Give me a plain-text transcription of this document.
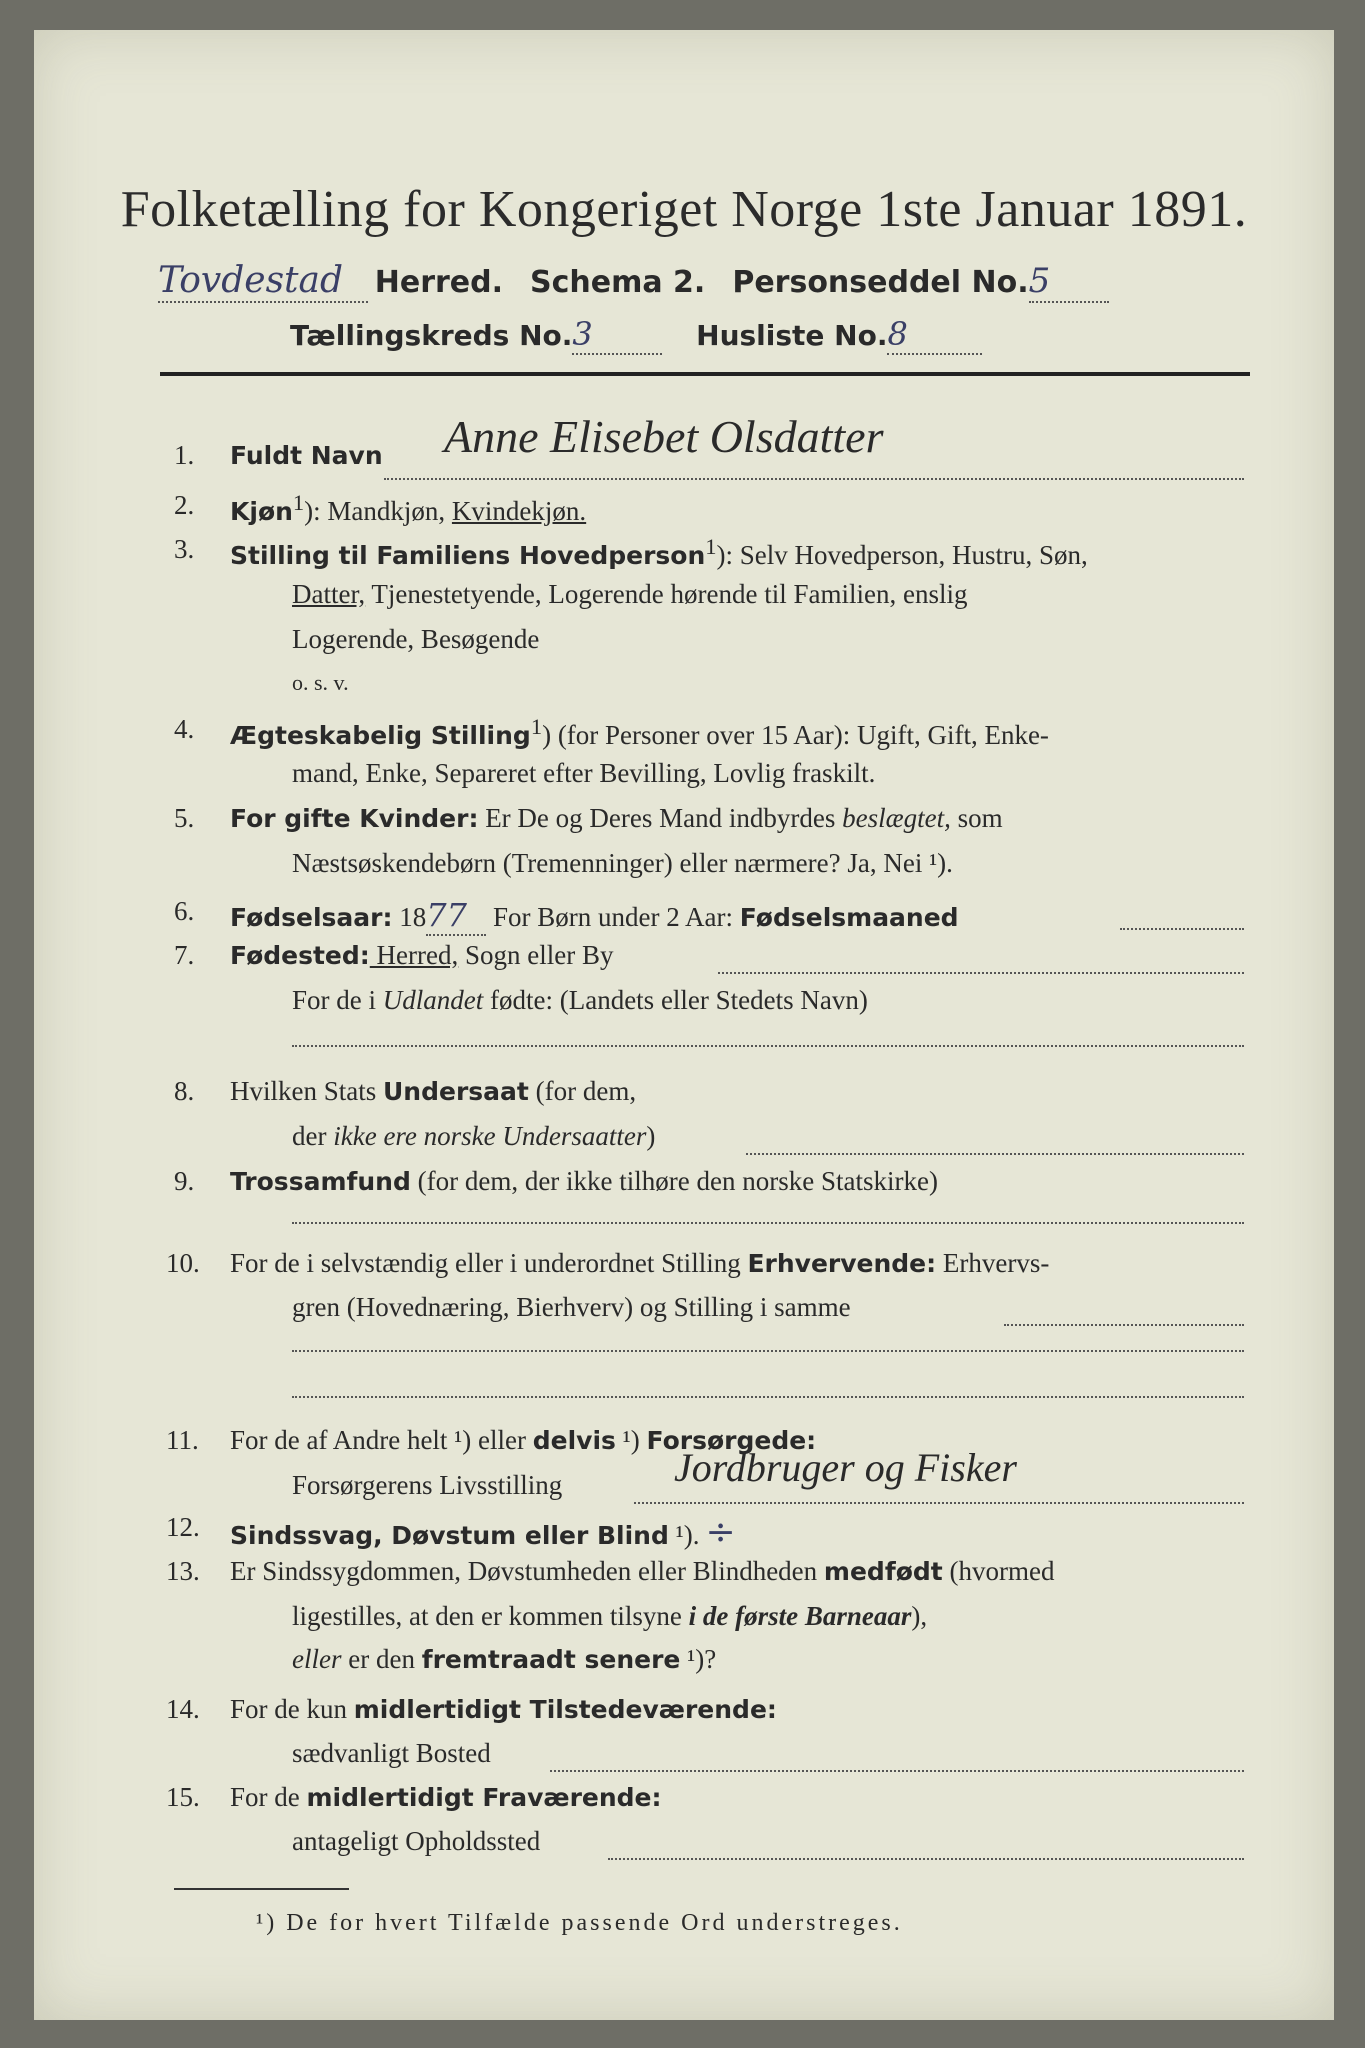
Folketælling for Kongeriget Norge 1ste Januar 1891.
Tovdestad Herred. Schema 2. Personseddel No.5
Tællingskreds No.3	Husliste No.8
1. Fuldt Navn Anne Elisebet Olsdatter
2. Kjøn$^1$): Mandkjøn, Kvindekjøn.
3. Stilling til Familiens Hovedperson$^1$): Selv Hovedperson, Hustru, Søn,
Datter, Tjenestetyende, Logerende hørende til Familien, enslig
Logerende, Besøgende
o. s. v.
4. Ægteskabelig Stilling$^1$) (for Personer over 15 Aar): Ugift, Gift, Enke-
mand, Enke, Separeret efter Bevilling, Lovlig fraskilt.
5. For gifte Kvinder: Er De og Deres Mand indbyrdes beslægtet, som
Næstsøskendebørn (Tremenninger) eller nærmere? Ja, Nei ¹).
6. Fødselsaar: 1877 For Børn under 2 Aar: Fødselsmaaned
7. Fødested: Herred, Sogn eller By
For de i Udlandet fødte: (Landets eller Stedets Navn)
8. Hvilken Stats Undersaat (for dem,
der ikke ere norske Undersaatter)
9. Trossamfund (for dem, der ikke tilhøre den norske Statskirke)
10. For de i selvstændig eller i underordnet Stilling Erhvervende: Erhvervs-
gren (Hovednæring, Bierhverv) og Stilling i samme
11. For de af Andre helt ¹) eller delvis ¹) Forsørgede:
Forsørgerens Livsstilling	Jordbruger og Fisker
12. Sindssvag, Døvstum eller Blind ¹). ÷
13. Er Sindssygdommen, Døvstumheden eller Blindheden medfødt (hvormed
ligestilles, at den er kommen tilsyne i de første Barneaar),
eller er den fremtraadt senere ¹)?
14. For de kun midlertidigt Tilstedeværende:
sædvanligt Bosted
15. For de midlertidigt Fraværende:
antageligt Opholdssted
¹) De for hvert Tilfælde passende Ord understreges.
